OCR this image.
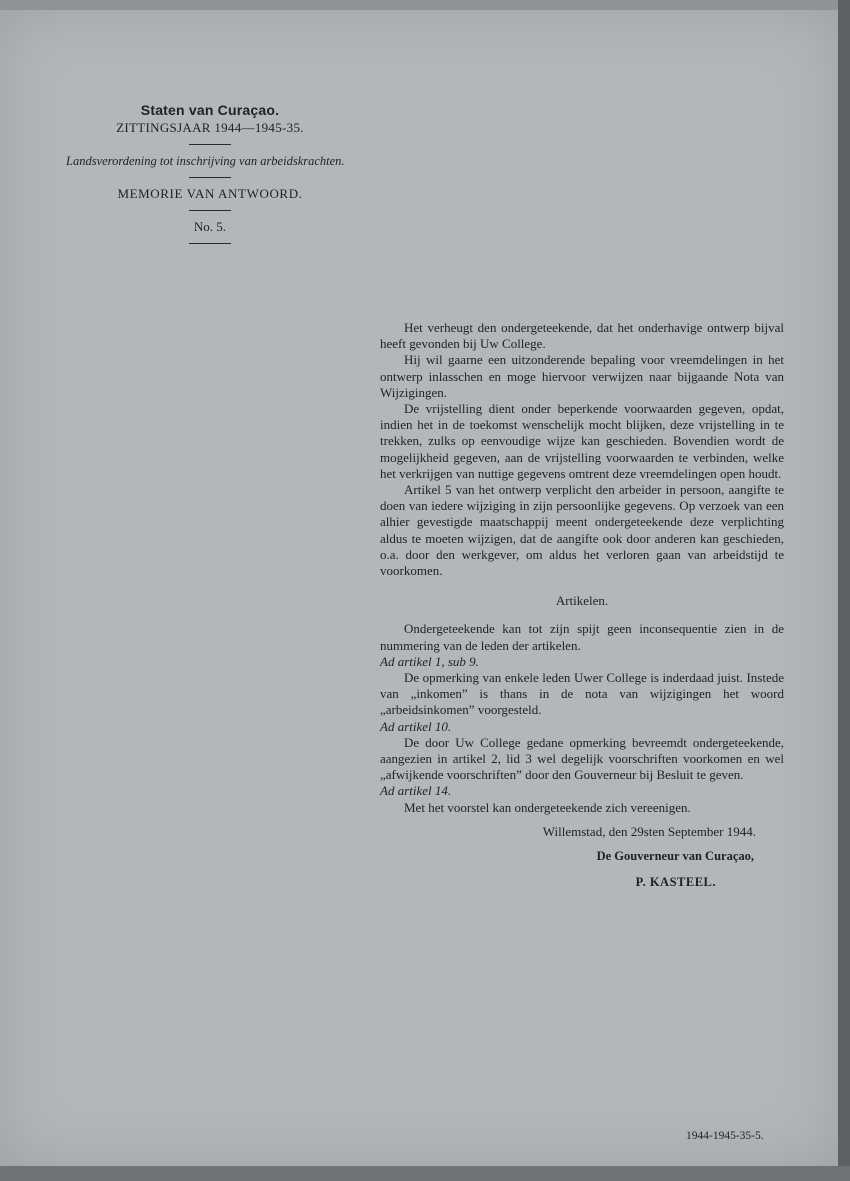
Staten van Curaçao.
ZITTINGSJAAR 1944—1945-35.
Landsverordening tot inschrijving van arbeidskrachten.
MEMORIE VAN ANTWOORD.
No. 5.

Het verheugt den ondergeteekende, dat het onderhavige ontwerp bijval heeft gevonden bij Uw College.

Hij wil gaarne een uitzonderende bepaling voor vreemdelingen in het ontwerp inlasschen en moge hiervoor verwijzen naar bijgaande Nota van Wijzigingen.

De vrijstelling dient onder beperkende voorwaarden gegeven, opdat, indien het in de toekomst wenschelijk mocht blijken, deze vrijstelling in te trekken, zulks op eenvoudige wijze kan geschieden. Bovendien wordt de mogelijkheid gegeven, aan de vrijstelling voorwaarden te verbinden, welke het verkrijgen van nuttige gegevens omtrent deze vreemdelingen open houdt.

Artikel 5 van het ontwerp verplicht den arbeider in persoon, aangifte te doen van iedere wijziging in zijn persoonlijke gegevens. Op verzoek van een alhier gevestigde maatschappij meent ondergeteekende deze verplichting aldus te moeten wijzigen, dat de aangifte ook door anderen kan geschieden, o.a. door den werkgever, om aldus het verloren gaan van arbeidstijd te voorkomen.

Artikelen.

Ondergeteekende kan tot zijn spijt geen inconsequentie zien in de nummering van de leden der artikelen.

Ad artikel 1, sub 9.

De opmerking van enkele leden Uwer College is inderdaad juist. Instede van „inkomen” is thans in de nota van wijzigingen het woord „arbeidsinkomen” voorgesteld.

Ad artikel 10.

De door Uw College gedane opmerking bevreemdt ondergeteekende, aangezien in artikel 2, lid 3 wel degelijk voorschriften voorkomen en wel „afwijkende voorschriften” door den Gouverneur bij Besluit te geven.

Ad artikel 14.

Met het voorstel kan ondergeteekende zich vereenigen.

Willemstad, den 29sten September 1944.
De Gouverneur van Curaçao,
P. KASTEEL.
1944-1945-35-5.
